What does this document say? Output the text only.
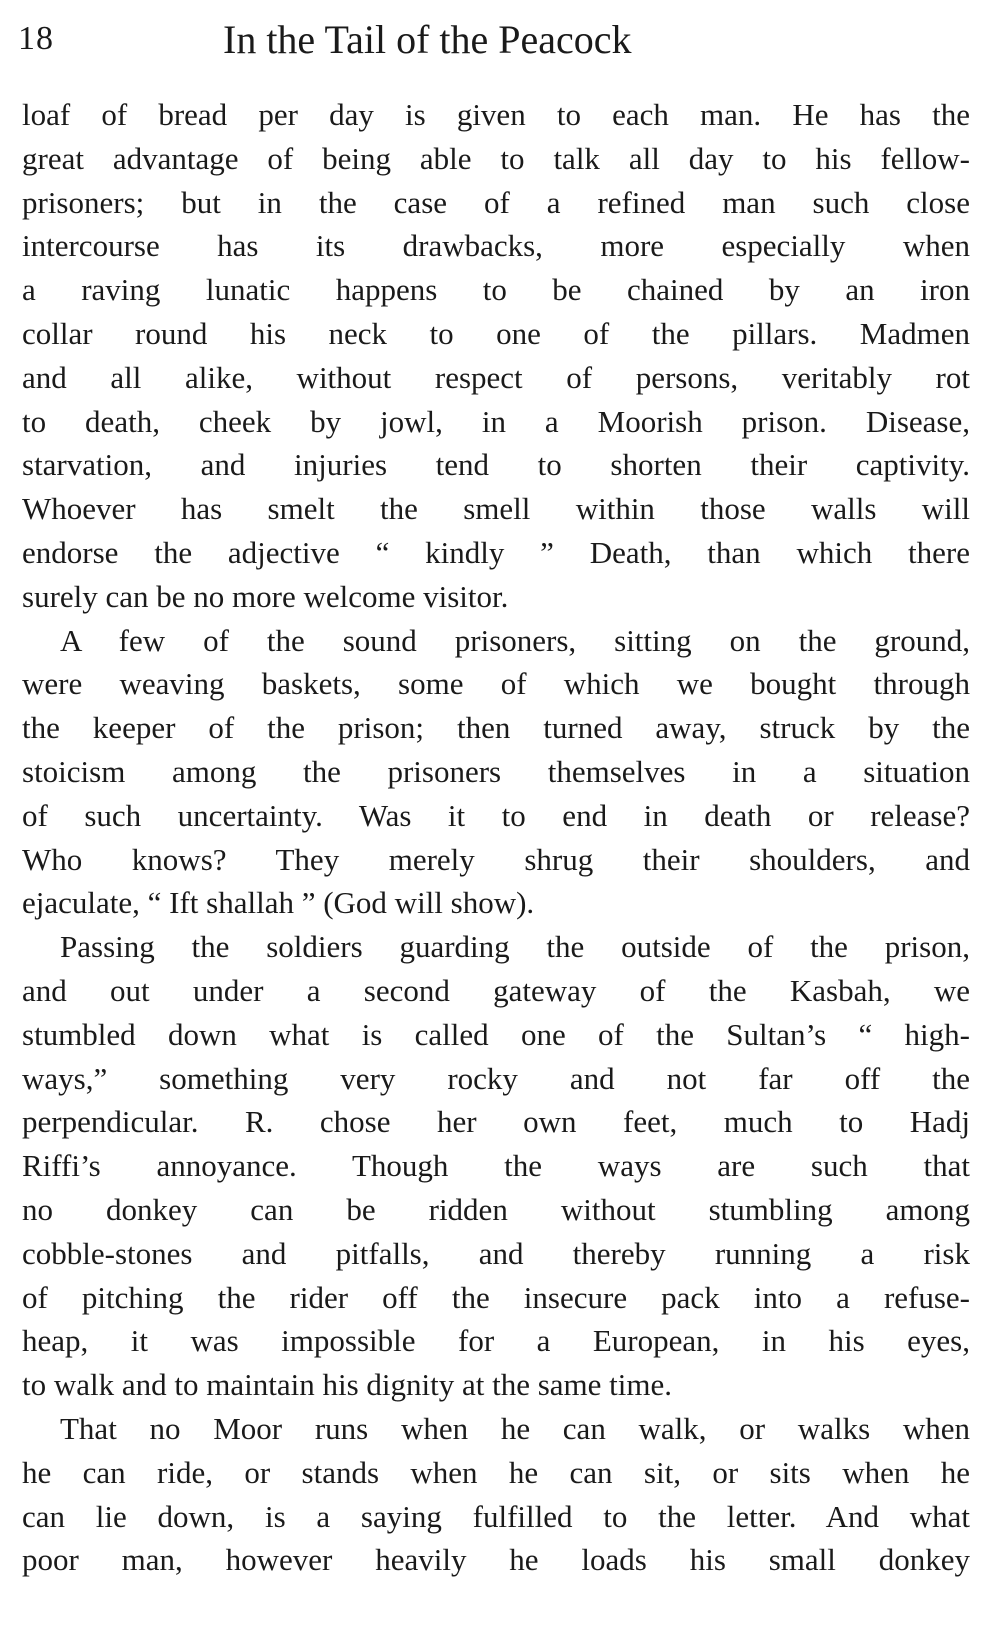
18	In the Tail of the Peacock
loaf of bread per day is given to each man. He has the
great advantage of being able to talk all day to his fellow-
prisoners; but in the case of a refined man such close
intercourse has its drawbacks, more especially when
a raving lunatic happens to be chained by an iron
collar round his neck to one of the pillars. Madmen
and all alike, without respect of persons, veritably rot
to death, cheek by jowl, in a Moorish prison. Disease,
starvation, and injuries tend to shorten their captivity.
Whoever has smelt the smell within those walls will
endorse the adjective “ kindly ” Death, than which there
surely can be no more welcome visitor.
A few of the sound prisoners, sitting on the ground,
were weaving baskets, some of which we bought through
the keeper of the prison; then turned away, struck by the
stoicism among the prisoners themselves in a situation
of such uncertainty. Was it to end in death or release?
Who knows? They merely shrug their shoulders, and
ejaculate, “ Ift shallah ” (God will show).
Passing the soldiers guarding the outside of the prison,
and out under a second gateway of the Kasbah, we
stumbled down what is called one of the Sultan’s “ high-
ways,” something very rocky and not far off the
perpendicular. R. chose her own feet, much to Hadj
Riffi’s annoyance. Though the ways are such that
no donkey can be ridden without stumbling among
cobble-stones and pitfalls, and thereby running a risk
of pitching the rider off the insecure pack into a refuse-
heap, it was impossible for a European, in his eyes,
to walk and to maintain his dignity at the same time.
That no Moor runs when he can walk, or walks when
he can ride, or stands when he can sit, or sits when he
can lie down, is a saying fulfilled to the letter. And what
poor man, however heavily he loads his small donkey
